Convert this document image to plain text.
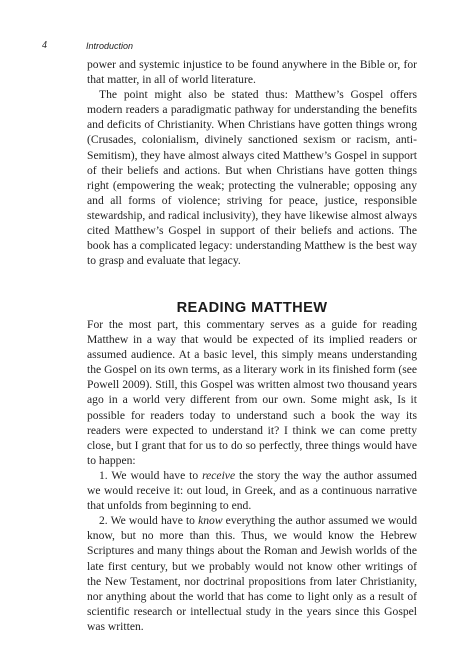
4	Introduction

power and systemic injustice to be found anywhere in the Bible or, for that matter, in all of world literature.

The point might also be stated thus: Matthew’s Gospel offers modern readers a paradigmatic pathway for understanding the benefits and deficits of Christianity. When Christians have gotten things wrong (Crusades, colonialism, divinely sanctioned sexism or racism, anti-Semitism), they have almost always cited Matthew’s Gospel in support of their beliefs and actions. But when Christians have gotten things right (empowering the weak; protecting the vulnerable; opposing any and all forms of violence; striving for peace, justice, responsible stewardship, and radical inclusivity), they have likewise almost always cited Matthew’s Gospel in support of their beliefs and actions. The book has a complicated legacy: understanding Matthew is the best way to grasp and evaluate that legacy.

READING MATTHEW

For the most part, this commentary serves as a guide for reading Matthew in a way that would be expected of its implied readers or assumed audience. At a basic level, this simply means understanding the Gospel on its own terms, as a literary work in its finished form (see Powell 2009). Still, this Gospel was written almost two thousand years ago in a world very different from our own. Some might ask, Is it possible for readers today to understand such a book the way its readers were expected to understand it? I think we can come pretty close, but I grant that for us to do so perfectly, three things would have to happen:

1. We would have to receive the story the way the author assumed we would receive it: out loud, in Greek, and as a continuous narrative that unfolds from beginning to end.

2. We would have to know everything the author assumed we would know, but no more than this. Thus, we would know the Hebrew Scriptures and many things about the Roman and Jewish worlds of the late first century, but we probably would not know other writings of the New Testament, nor doctrinal propositions from later Christianity, nor anything about the world that has come to light only as a result of scientific research or intellectual study in the years since this Gospel was written.
